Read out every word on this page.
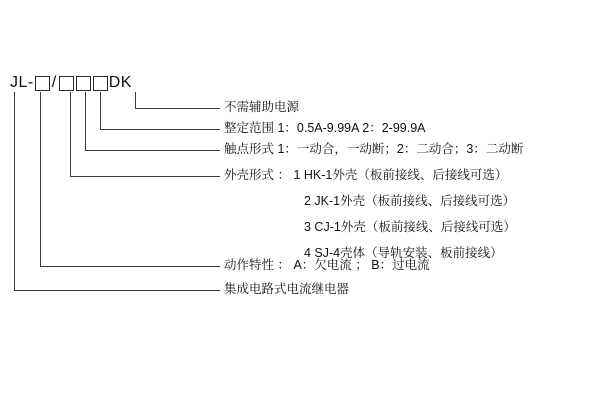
JL- /	DK
不需辅助电源
整定范围 1：0.5A-9.99A 2：2-99.9A
触点形式 1：一动合，一动断；2：二动合；3：二动断
外壳形式 ： 1 HK-1外壳（板前接线、后接线可选）
2 JK-1外壳（板前接线、后接线可选）
3 CJ-1外壳（板前接线、后接线可选）
4 SJ-4壳体（导轨安装、板前接线）
动作特性 ： A：欠电流 ； B：过电流
集成电路式电流继电器
